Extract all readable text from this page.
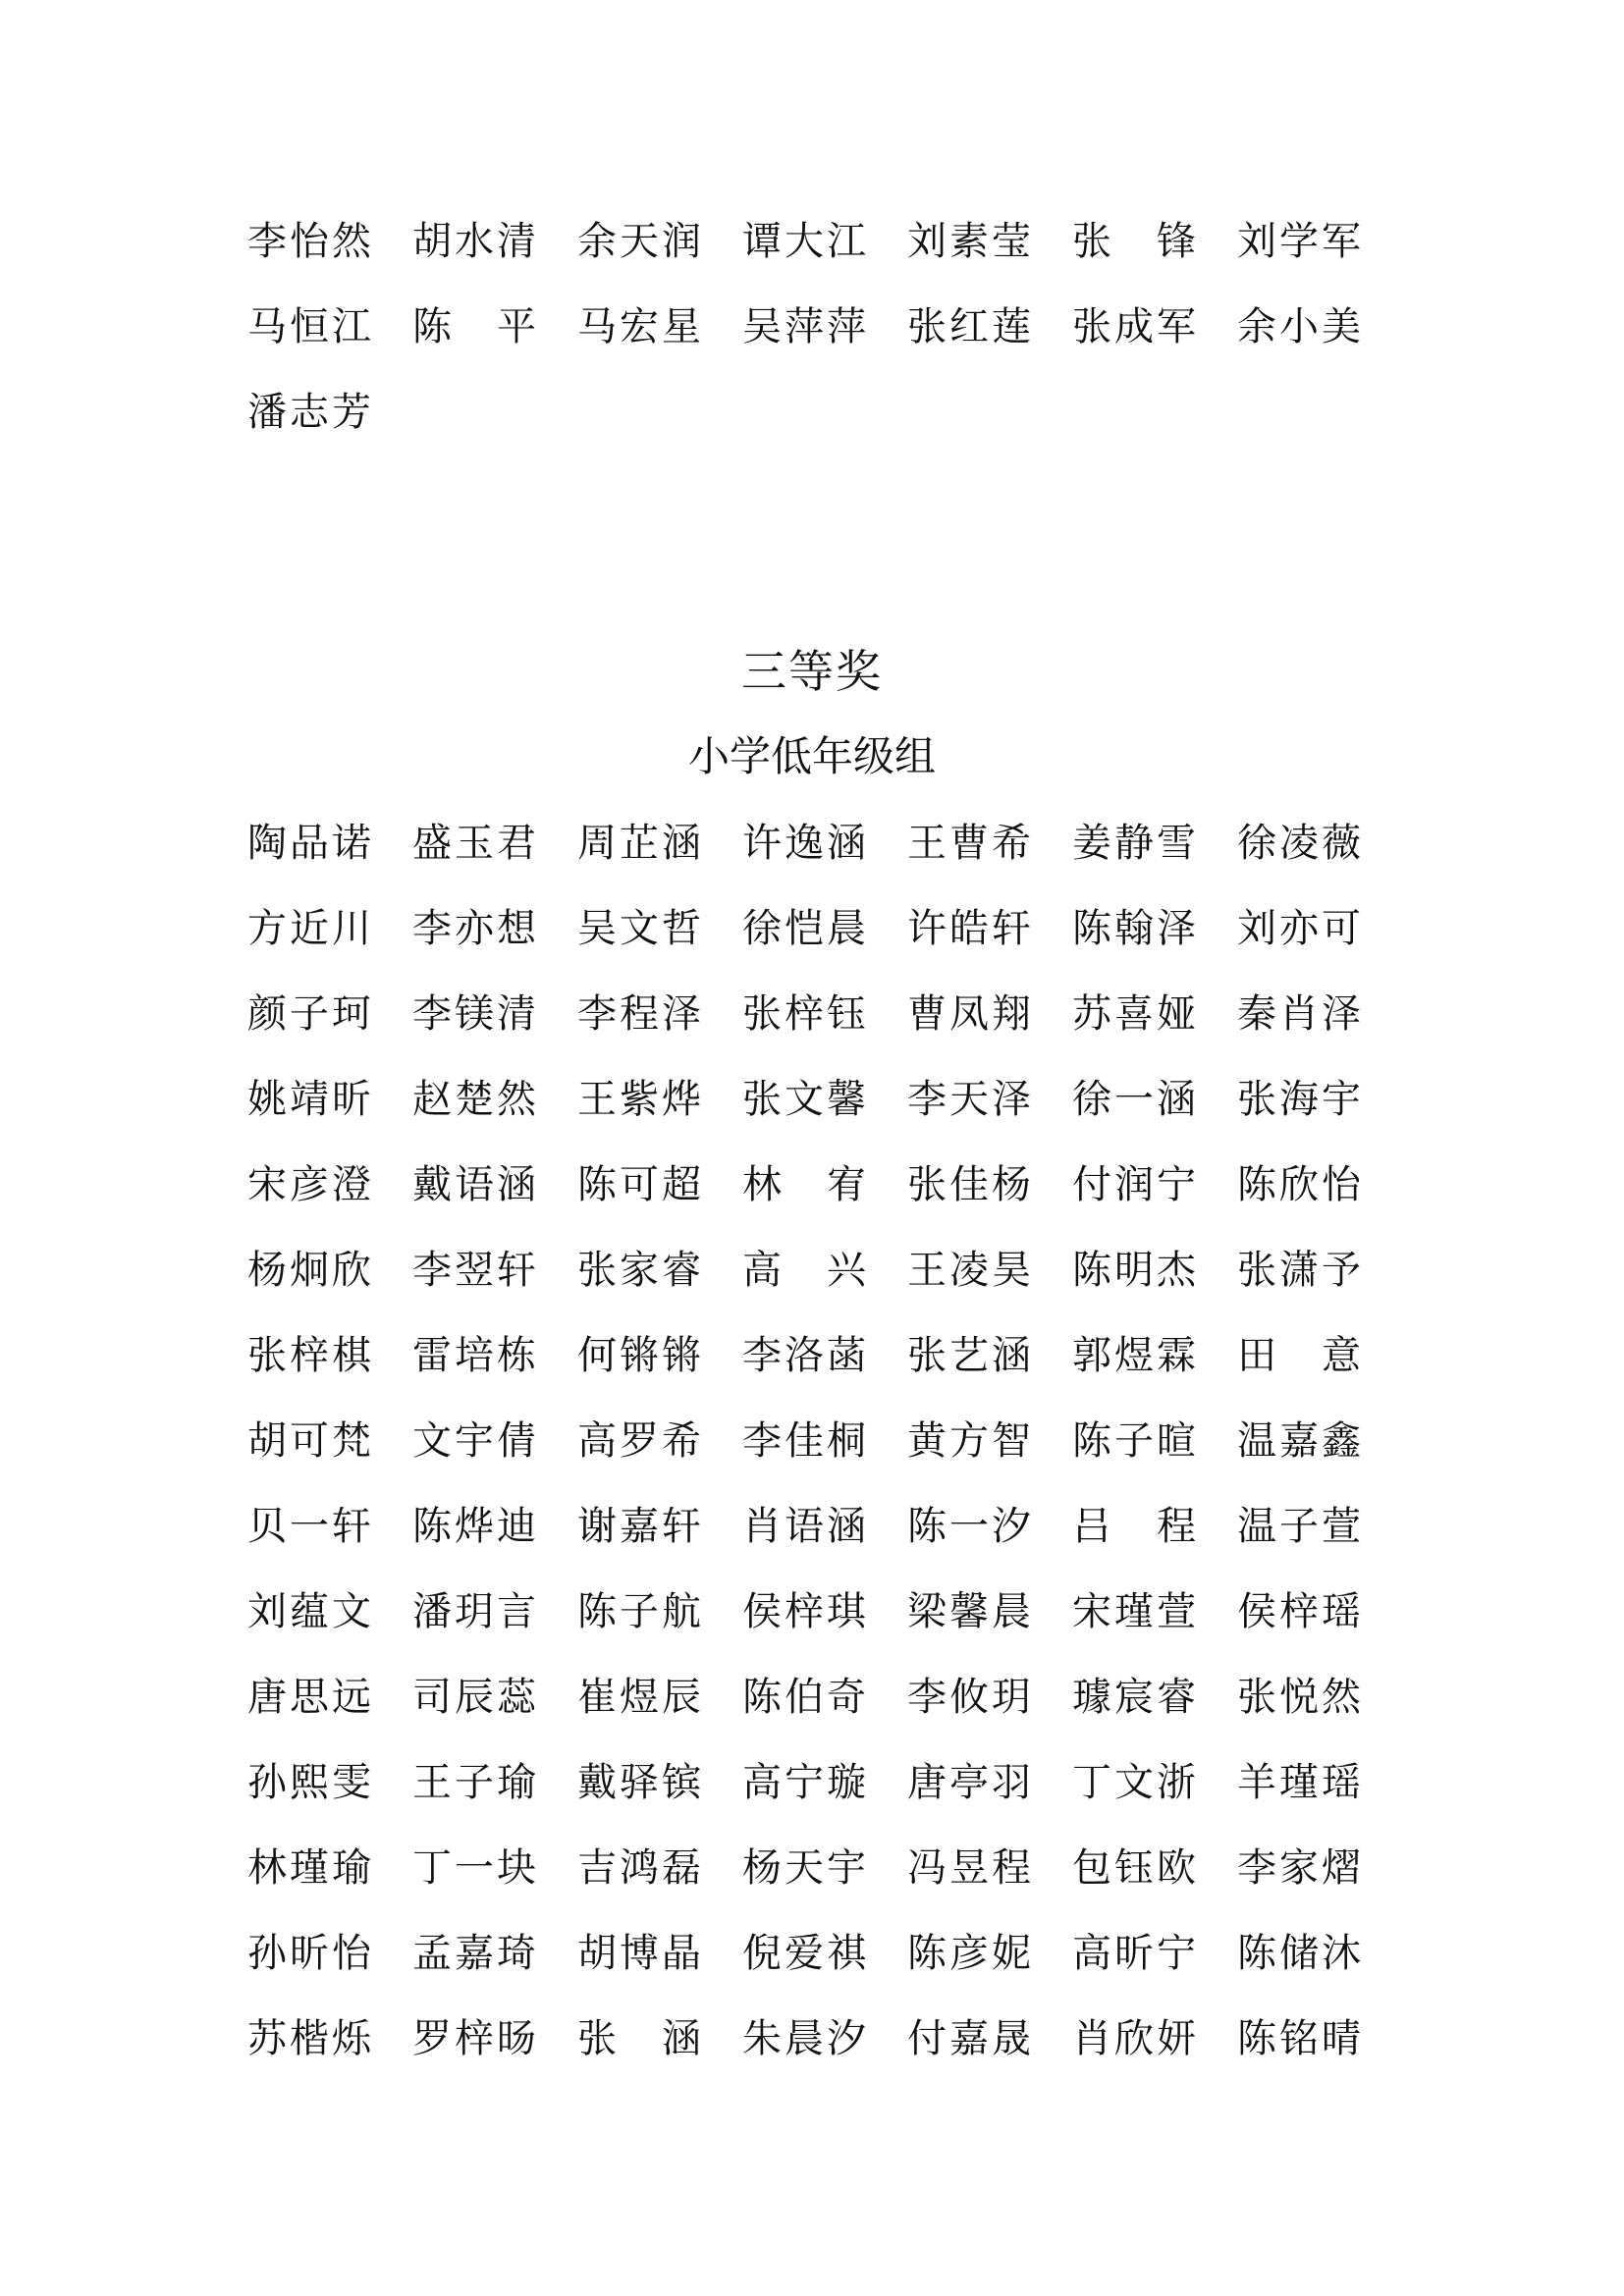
李 怡 然 胡 水 清 余 天 润 谭 大 江 刘 素 莹 张 锋 刘 学 军
马 恒 江 陈 平 马 宏 星 吴 萍 萍 张 红 莲 张 成 军 余 小 美
潘 志 芳
三等奖
小学低年级组
陶 品 诺 盛 玉 君 周 芷 涵 许 逸 涵 王 曹 希 姜 静 雪 徐 凌 薇
方 近 川 李 亦 想 吴 文 哲 徐 恺 晨 许 皓 轩 陈 翰 泽 刘 亦 可
颜 子 珂 李 镁 清 李 程 泽 张 梓 钰 曹 凤 翔 苏 喜 娅 秦 肖 泽
姚 靖 昕 赵 楚 然 王 紫 烨 张 文 馨 李 天 泽 徐 一 涵 张 海 宇
宋 彦 澄 戴 语 涵 陈 可 超 林 宥 张 佳 杨 付 润 宁 陈 欣 怡
杨 炯 欣 李 翌 轩 张 家 睿 高 兴 王 凌 昊 陈 明 杰 张 潇 予
张 梓 棋 雷 培 栋 何 锵 锵 李 洛 菡 张 艺 涵 郭 煜 霖 田 意
胡 可 梵 文 宇 倩 高 罗 希 李 佳 桐 黄 方 智 陈 子 暄 温 嘉 鑫
贝 一 轩 陈 烨 迪 谢 嘉 轩 肖 语 涵 陈 一 汐 吕 程 温 子 萱
刘 蕴 文 潘 玥 言 陈 子 航 侯 梓 琪 梁 馨 晨 宋 瑾 萱 侯 梓 瑶
唐 思 远 司 辰 蕊 崔 煜 辰 陈 伯 奇 李 攸 玥 璩 宸 睿 张 悦 然
孙 熙 雯 王 子 瑜 戴 驿 镔 高 宁 璇 唐 亭 羽 丁 文 浙 羊 瑾 瑶
林 瑾 瑜 丁 一 块 吉 鸿 磊 杨 天 宇 冯 昱 程 包 钰 欧 李 家 熠
孙 昕 怡 孟 嘉 琦 胡 博 晶 倪 爱 祺 陈 彦 妮 高 昕 宁 陈 储 沐
苏 楷 烁 罗 梓 旸 张 涵 朱 晨 汐 付 嘉 晟 肖 欣 妍 陈 铭 晴
